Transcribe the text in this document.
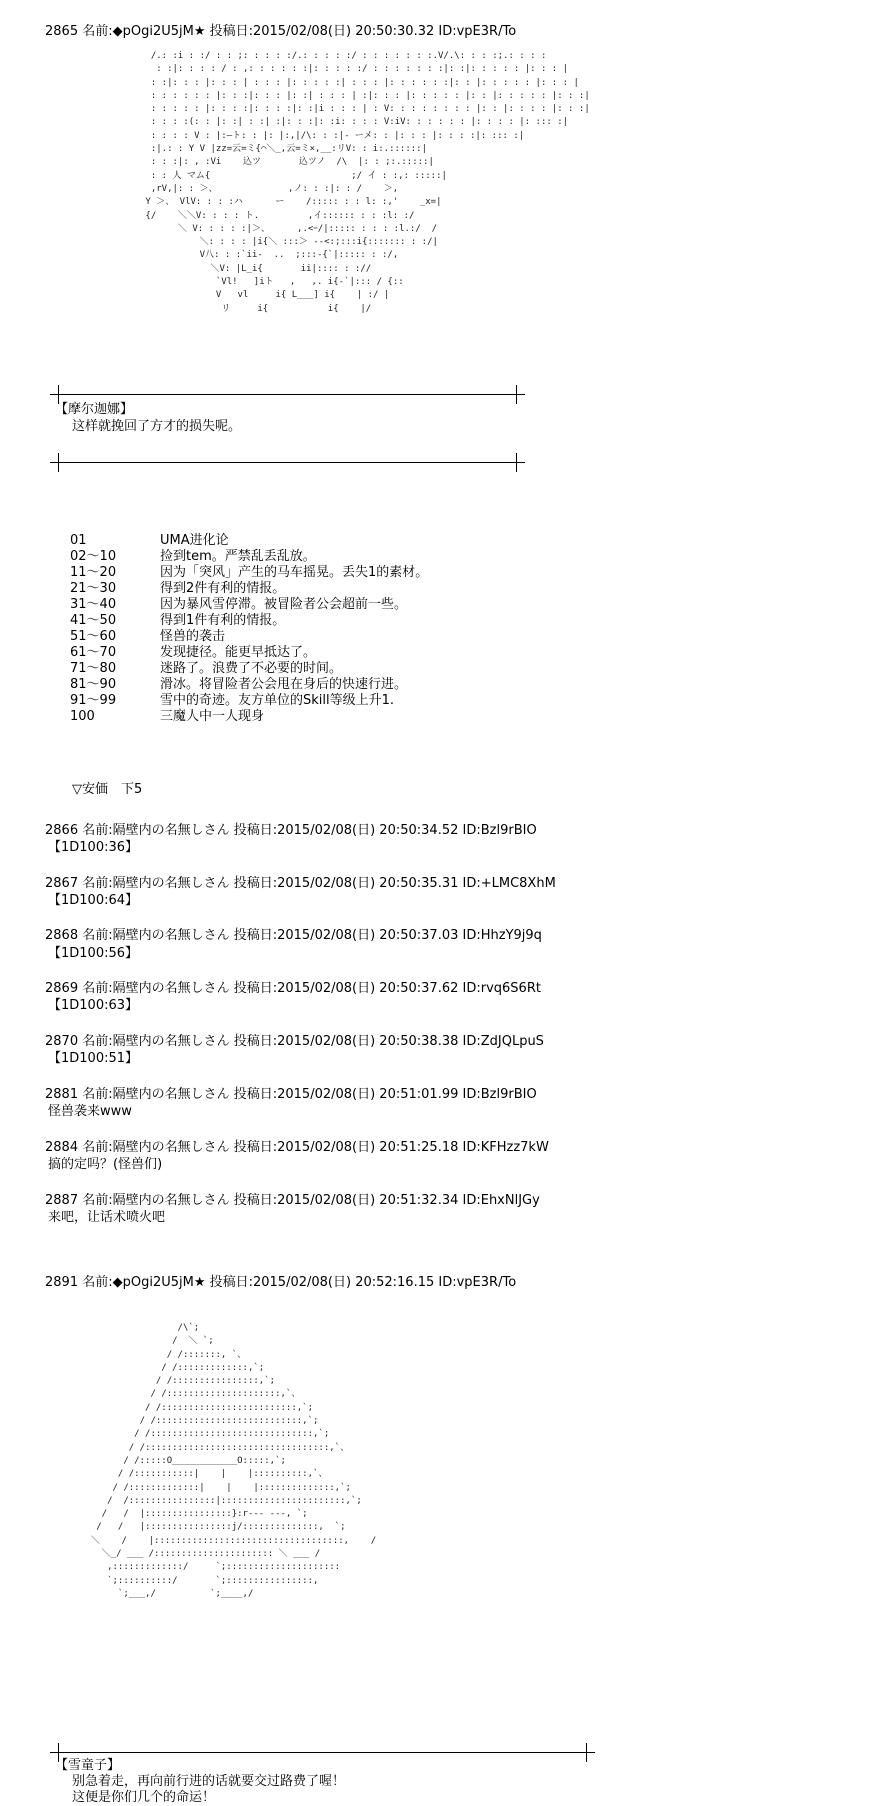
2865 名前:◆pOgi2U5jM★ 投稿日:2015/02/08(日) 20:50:30.32 ID:vpE3R/To
/.: :i : :/ : : ;: : : : :/.: : : : :/ : : : : : : :.V/.\: : : :;.: : : :
: :|: : : : / : ,: : : : : :|: : : : :/ : : : : : : :|: :|: : : : : |: : : |
: :|: : : |: : : | : : : |: : : : :| : : : |: : : : : :|: : |: : : : : |: : : |
: : : : : : |: : :|: : : |: :| : : : | :|: : : |: : : : : |: : |: : : : : |: : :|
: : : : : |: : : :|: : : :|: :|i : : : | : V: : : : : : : : |: : |: : : : |: : :|
: : : :(: : |: :| : :| :|: : :|: :i: : : : V:iV: : : : : : |: : : : |: ::: :|
: : : : V : |:―ト: : |: |:,|/\: : :|- ーメ: : |: : : |: : : :|: ::: :|
:|.: : Y V |zz=云=ミ{⌒＼_,云=ミ×,__:リV: : i:.::::::|
: : :|: , :Vi    込ツ       込ツノ  /\  |: : ;:.:::::|
: : 人 マム{                          ;/ イ : :,: :::::|
,rV,|: : ＞、             ,ノ: : :|: : /    ＞,
Y ＞、 VlV: : : :ハ      ー    /::::: : : l: :,'    _x=|
{/    ＼＼V: : : : ト.         ,イ:::::: : : :l: :/
＼ V: : : : :|＞、     ,.<ｰ/|::::: : : : :l.:/  /
＼: : : : |i{＼ :::＞ --<:;:::i{::::::: : :/|
V八: : :`ii-  ..  ;:::-{`|::::: : :/,
＼V: |L_i{       ii|:::: : ://
`Vl!   ]iト   ,   ,. i{-`|::: / {::
V   vl     i{ L___] i{    | :/ |
リ     i{           i{    |/
【摩尔迦娜】
这样就挽回了方才的损失呢。
01	UMA进化论
02～10	捡到tem。严禁乱丢乱放。
11～20	因为「突风」产生的马车摇晃。丢失1的素材。
21～30	得到2件有利的情报。
31～40	因为暴风雪停滞。被冒险者公会超前一些。
41～50	得到1件有利的情报。
51～60	怪兽的袭击
61～70	发现捷径。能更早抵达了。
71～80	迷路了。浪费了不必要的时间。
81～90	滑冰。将冒险者公会甩在身后的快速行进。
91～99	雪中的奇迹。友方单位的Skill等级上升1.
100	三魔人中一人现身
▽安価　下5
2866 名前:隔壁内の名無しさん 投稿日:2015/02/08(日) 20:50:34.52 ID:Bzl9rBIO
【1D100:36】
2867 名前:隔壁内の名無しさん 投稿日:2015/02/08(日) 20:50:35.31 ID:+LMC8XhM
【1D100:64】
2868 名前:隔壁内の名無しさん 投稿日:2015/02/08(日) 20:50:37.03 ID:HhzY9j9q
【1D100:56】
2869 名前:隔壁内の名無しさん 投稿日:2015/02/08(日) 20:50:37.62 ID:rvq6S6Rt
【1D100:63】
2870 名前:隔壁内の名無しさん 投稿日:2015/02/08(日) 20:50:38.38 ID:ZdJQLpuS
【1D100:51】
2881 名前:隔壁内の名無しさん 投稿日:2015/02/08(日) 20:51:01.99 ID:Bzl9rBIO
怪兽袭来www
2884 名前:隔壁内の名無しさん 投稿日:2015/02/08(日) 20:51:25.18 ID:KFHzz7kW
搞的定吗？(怪兽们)
2887 名前:隔壁内の名無しさん 投稿日:2015/02/08(日) 20:51:32.34 ID:EhxNlJGy
来吧，让话术喷火吧
2891 名前:◆pOgi2U5jM★ 投稿日:2015/02/08(日) 20:52:16.15 ID:vpE3R/To
/\`;
/  ＼ `;
/ /:::::::, `、
/ /:::::::::::::,`;
/ /::::::::::::::::,`;
/ /:::::::::::::::::::::,`、
/ /:::::::::::::::::::::::::,`;
/ /:::::::::::::::::::::::::::,`;
/ /::::::::::::::::::::::::::::::,`;
/ /::::::::::::::::::::::::::::::::::,`、
/ /:::::O____________O:::::,`;
/ /:::::::::::|    |    |::::::::::,`、
/ /:::::::::::::|    |    |::::::::::::::,`;
/  /::::::::::::::::|:::::::::::::::::::::::,`;
/   /  |::::::::::::::::}:r--- ---, `;
/   /   |::::::::::::::::j/::::::::::::::,  `;
＼    /    |:::::::::::::::::::::::::::::::::::,    /
＼_/ ___ /:::::::::::::::::::::: ＼ ___ /
,:::::::::::::/     `;:::::::::::::::::::::
`;::::::::::/       `;::::::::::::::::,
`;___,/          `;____,/
【雪童子】
别急着走，再向前行进的话就要交过路费了喔！
这便是你们几个的命运！
